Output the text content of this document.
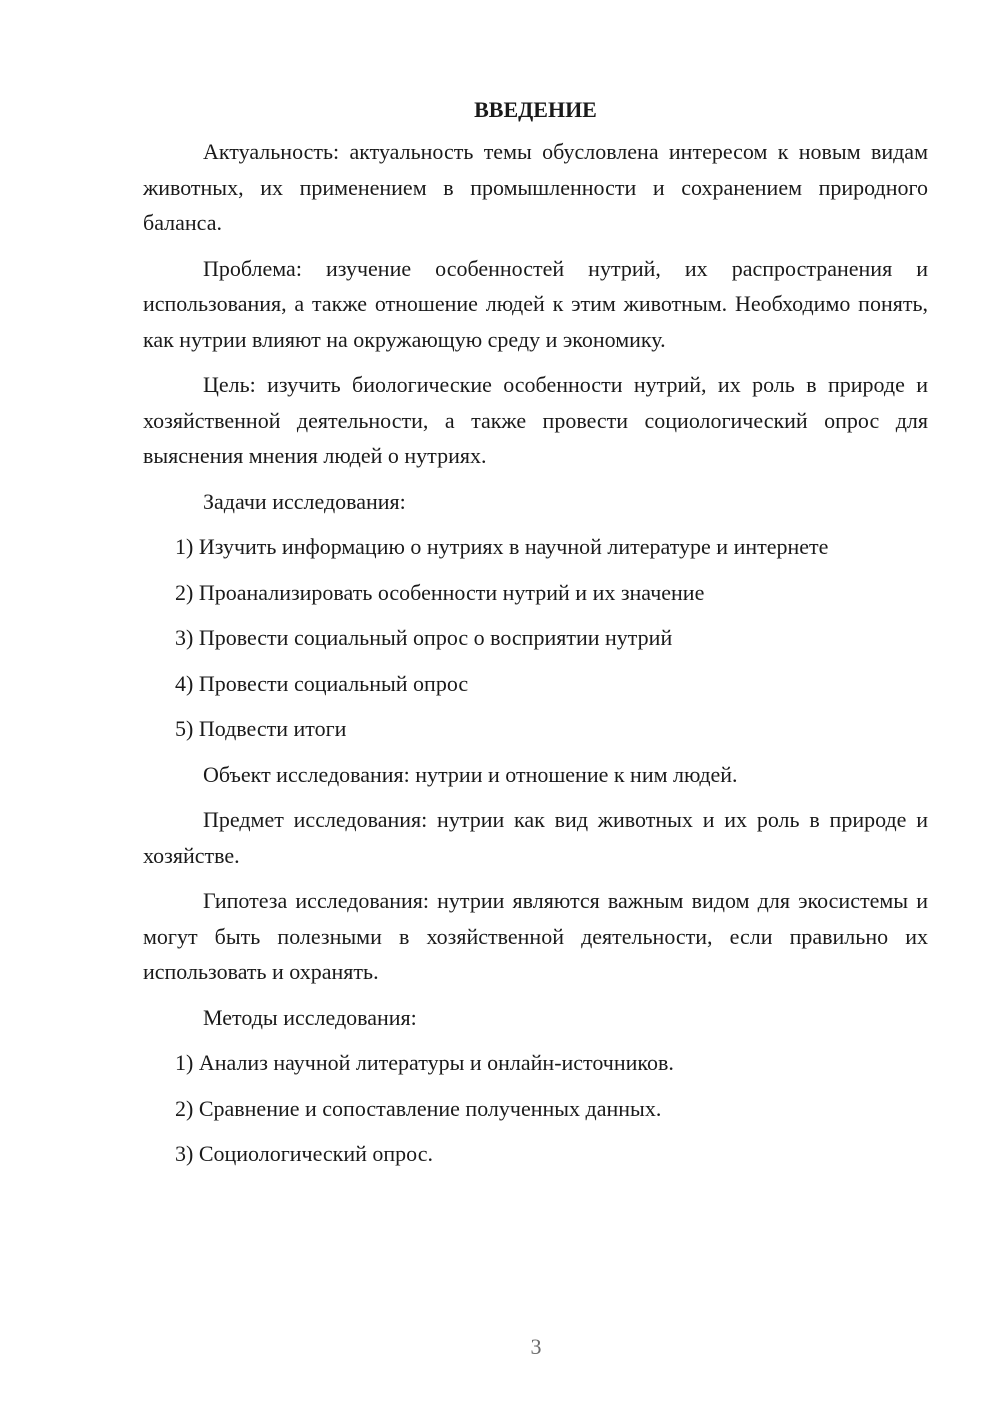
ВВЕДЕНИЕ

Актуальность: актуальность темы обусловлена интересом к новым видам животных, их применением в промышленности и сохранением природного баланса.

Проблема: изучение особенностей нутрий, их распространения и использования, а также отношение людей к этим животным. Необходимо понять, как нутрии влияют на окружающую среду и экономику.

Цель: изучить биологические особенности нутрий, их роль в природе и хозяйственной деятельности, а также провести социологический опрос для выяснения мнения людей о нутриях.

Задачи исследования:

1) Изучить информацию о нутриях в научной литературе и интернете
2) Проанализировать особенности нутрий и их значение
3) Провести социальный опрос о восприятии нутрий
4) Провести социальный опрос
5) Подвести итоги

Объект исследования: нутрии и отношение к ним людей.

Предмет исследования: нутрии как вид животных и их роль в природе и хозяйстве.

Гипотеза исследования: нутрии являются важным видом для экосистемы и могут быть полезными в хозяйственной деятельности, если правильно их использовать и охранять.

Методы исследования:

1) Анализ научной литературы и онлайн-источников.
2) Сравнение и сопоставление полученных данных.
3) Социологический опрос.
3
